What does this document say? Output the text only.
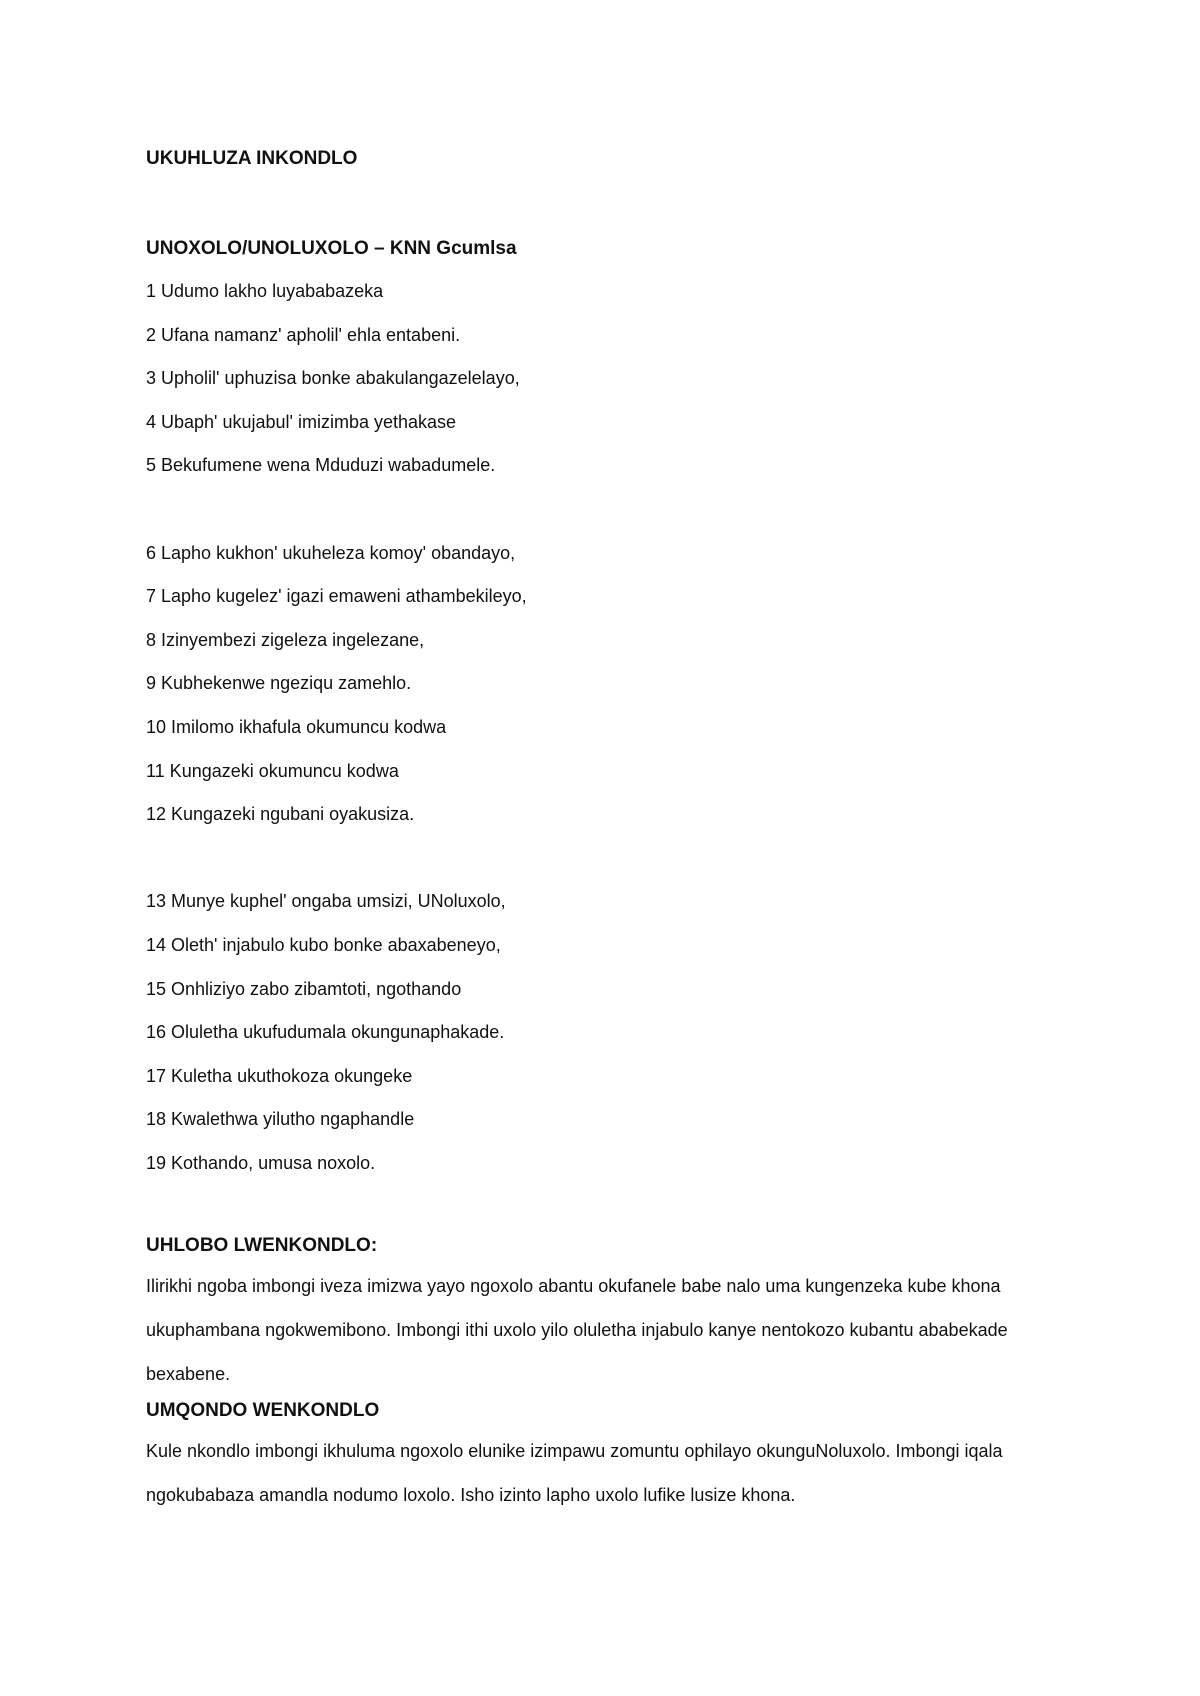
UKUHLUZA INKONDLO
UNOXOLO/UNOLUXOLO – KNN Gcumlsa
1 Udumo lakho luyababazeka
2 Ufana namanz' apholil' ehla entabeni.
3 Upholil' uphuzisa bonke abakulangazelelayo,
4 Ubaph' ukujabul' imizimba yethakase
5 Bekufumene wena Mduduzi wabadumele.
6 Lapho kukhon' ukuheleza komoy' obandayo,
7 Lapho kugelez' igazi emaweni athambekileyo,
8 Izinyembezi zigeleza ingelezane,
9 Kubhekenwe ngeziqu zamehlo.
10 Imilomo ikhafula okumuncu kodwa
11 Kungazeki okumuncu kodwa
12 Kungazeki ngubani oyakusiza.
13 Munye kuphel' ongaba umsizi, UNoluxolo,
14 Oleth' injabulo kubo bonke abaxabeneyo,
15 Onhliziyo zabo zibamtoti, ngothando
16 Oluletha ukufudumala okungunaphakade.
17 Kuletha ukuthokoza okungeke
18 Kwalethwa yilutho ngaphandle
19 Kothando, umusa noxolo.
UHLOBO LWENKONDLO:

Ilirikhi ngoba imbongi iveza imizwa yayo ngoxolo abantu okufanele babe nalo uma kungenzeka kube khona ukuphambana ngokwemibono. Imbongi ithi uxolo yilo oluletha injabulo kanye nentokozo kubantu ababekade bexabene.

UMQONDO WENKONDLO

Kule nkondlo imbongi ikhuluma ngoxolo elunike izimpawu zomuntu ophilayo okunguNoluxolo. Imbongi iqala ngokubabaza amandla nodumo loxolo. Isho izinto lapho uxolo lufike lusize khona.
